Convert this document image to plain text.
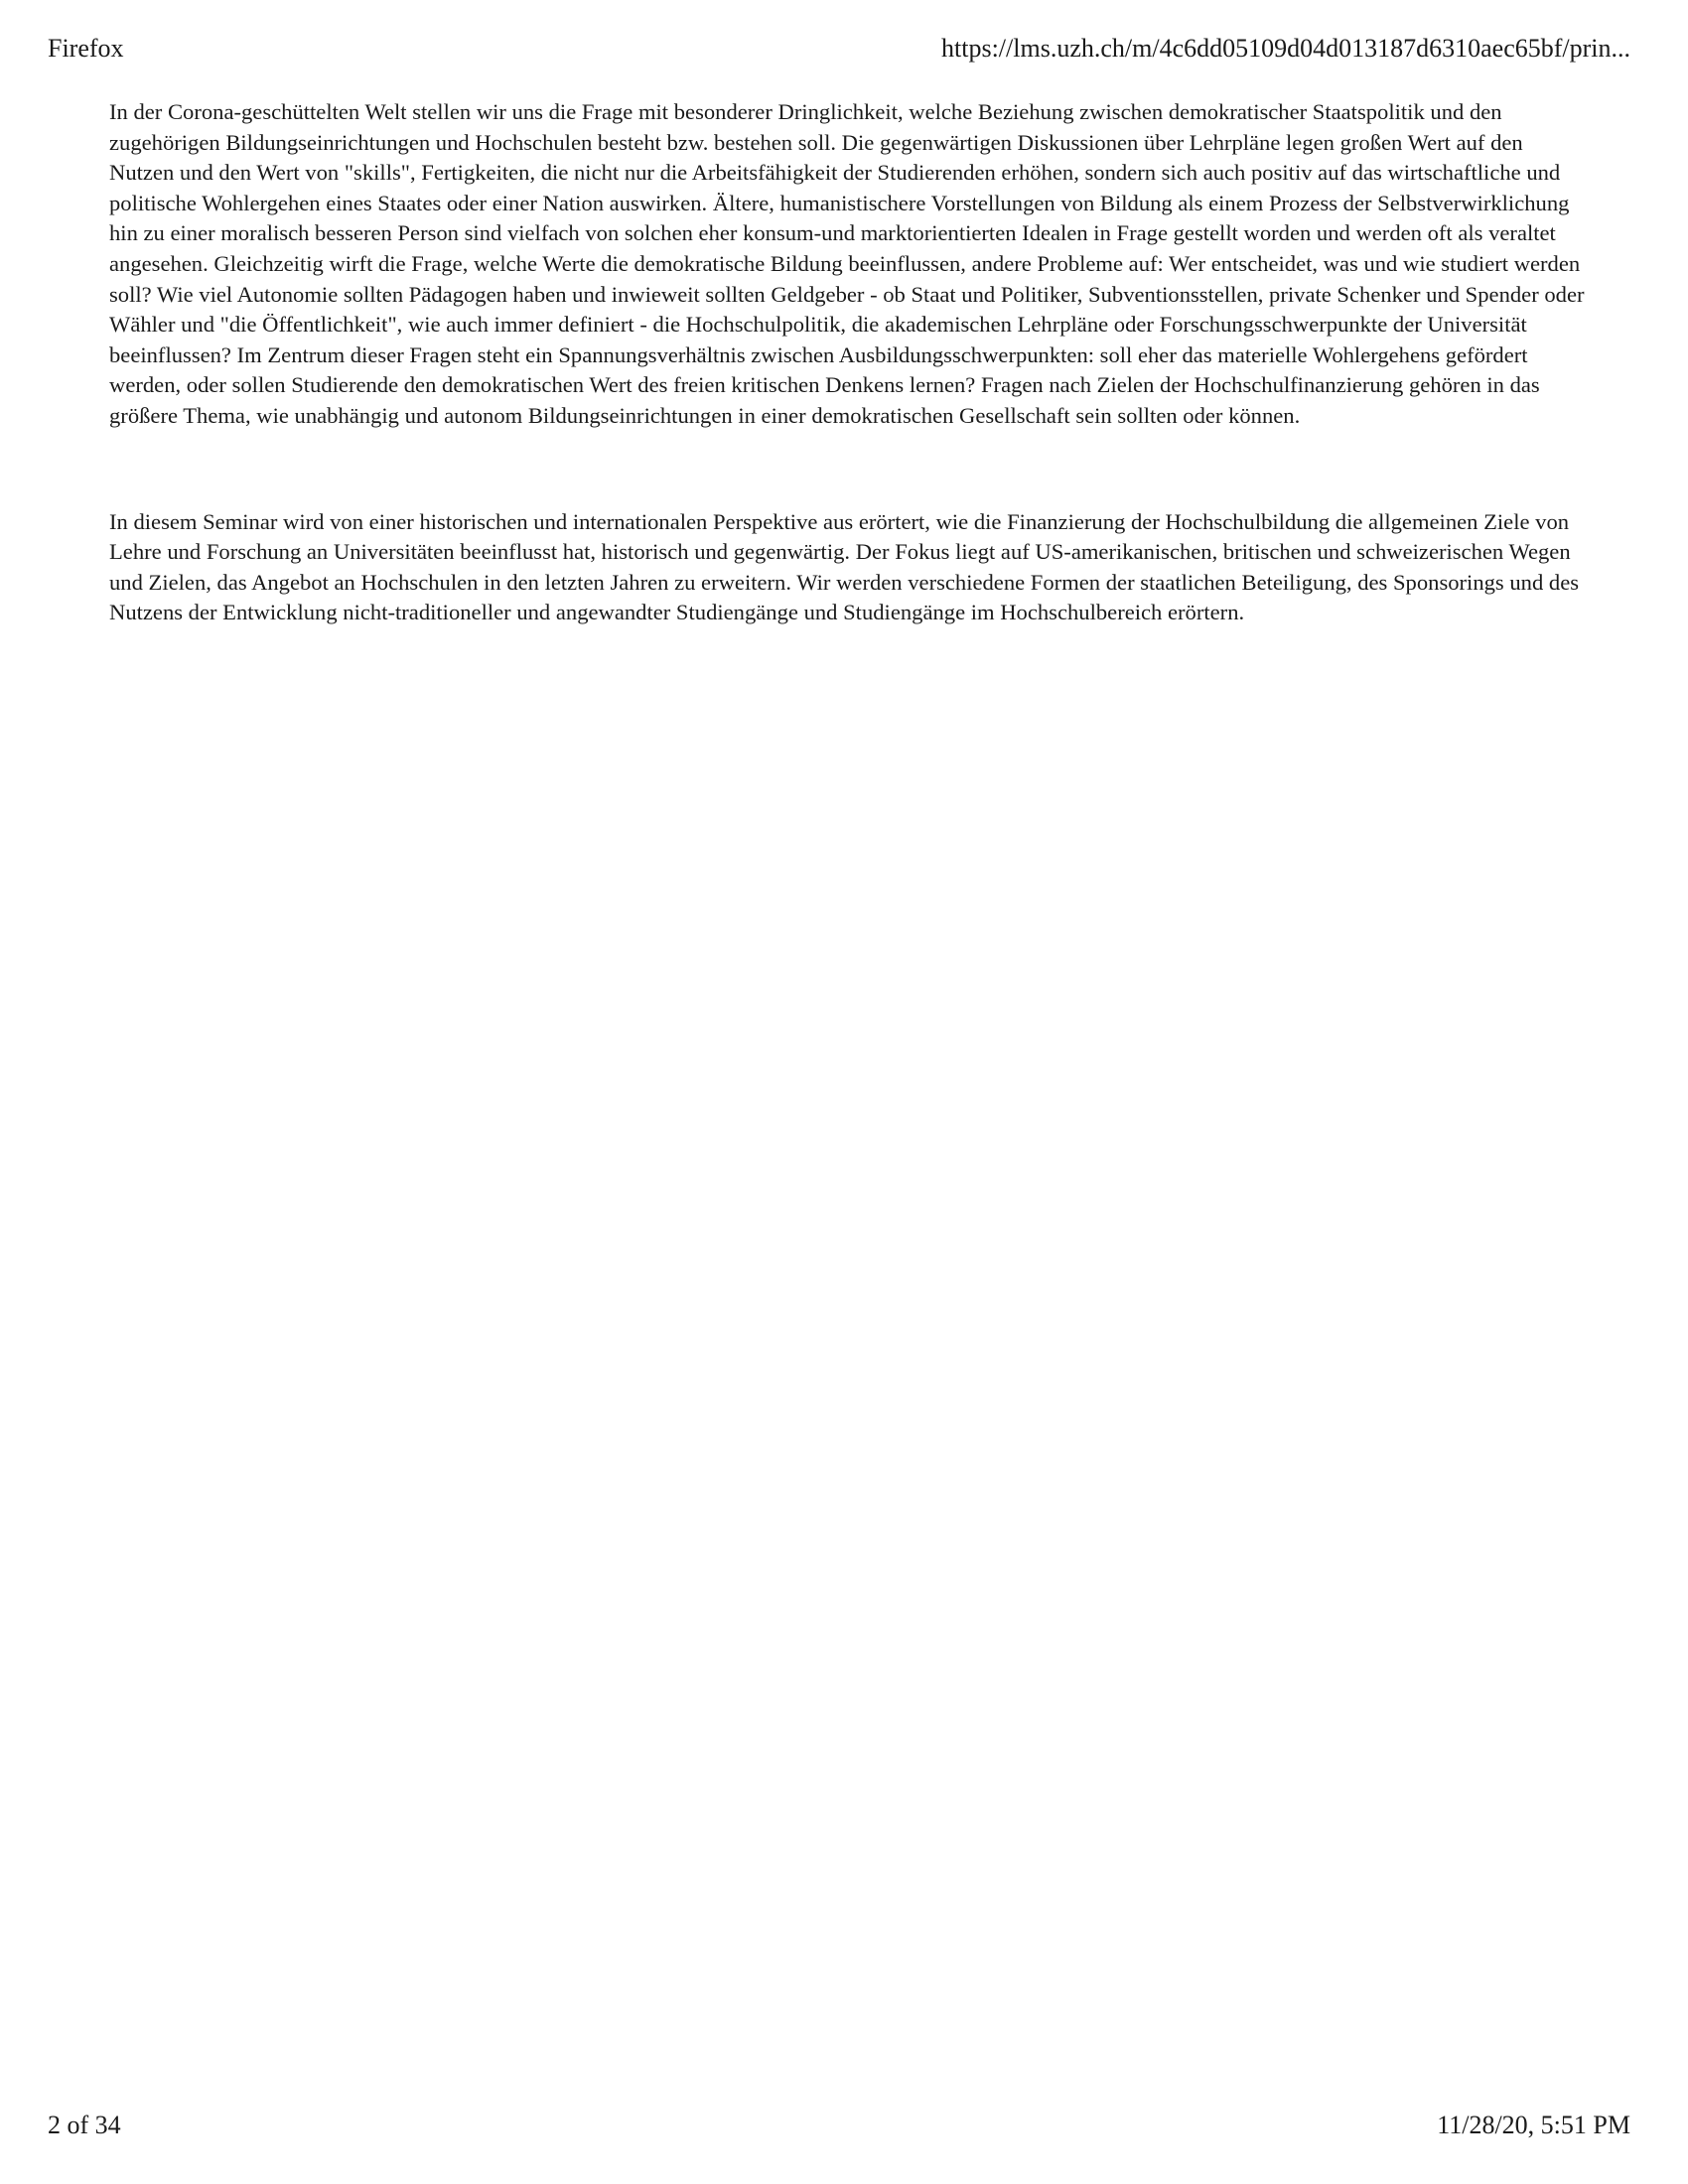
Firefox	https://lms.uzh.ch/m/4c6dd05109d04d013187d6310aec65bf/prin...

In der Corona-geschüttelten Welt stellen wir uns die Frage mit besonderer Dringlichkeit, welche Beziehung zwischen demokratischer Staatspolitik und den zugehörigen Bildungseinrichtungen und Hochschulen besteht bzw. bestehen soll. Die gegenwärtigen Diskussionen über Lehrpläne legen großen Wert auf den Nutzen und den Wert von "skills", Fertigkeiten, die nicht nur die Arbeitsfähigkeit der Studierenden erhöhen, sondern sich auch positiv auf das wirtschaftliche und politische Wohlergehen eines Staates oder einer Nation auswirken. Ältere, humanistischere Vorstellungen von Bildung als einem Prozess der Selbstverwirklichung hin zu einer moralisch besseren Person sind vielfach von solchen eher konsum-und marktorientierten Idealen in Frage gestellt worden und werden oft als veraltet angesehen. Gleichzeitig wirft die Frage, welche Werte die demokratische Bildung beeinflussen, andere Probleme auf: Wer entscheidet, was und wie studiert werden soll? Wie viel Autonomie sollten Pädagogen haben und inwieweit sollten Geldgeber - ob Staat und Politiker, Subventionsstellen, private Schenker und Spender oder Wähler und "die Öffentlichkeit", wie auch immer definiert - die Hochschulpolitik, die akademischen Lehrpläne oder Forschungsschwerpunkte der Universität beeinflussen? Im Zentrum dieser Fragen steht ein Spannungsverhältnis zwischen Ausbildungsschwerpunkten: soll eher das materielle Wohlergehens gefördert werden, oder sollen Studierende den demokratischen Wert des freien kritischen Denkens lernen? Fragen nach Zielen der Hochschulfinanzierung gehören in das größere Thema, wie unabhängig und autonom Bildungseinrichtungen in einer demokratischen Gesellschaft sein sollten oder können.

In diesem Seminar wird von einer historischen und internationalen Perspektive aus erörtert, wie die Finanzierung der Hochschulbildung die allgemeinen Ziele von Lehre und Forschung an Universitäten beeinflusst hat, historisch und gegenwärtig. Der Fokus liegt auf US-amerikanischen, britischen und schweizerischen Wegen und Zielen, das Angebot an Hochschulen in den letzten Jahren zu erweitern. Wir werden verschiedene Formen der staatlichen Beteiligung, des Sponsorings und des Nutzens der Entwicklung nicht-traditioneller und angewandter Studiengänge und Studiengänge im Hochschulbereich erörtern.

2 of 34	11/28/20, 5:51 PM
